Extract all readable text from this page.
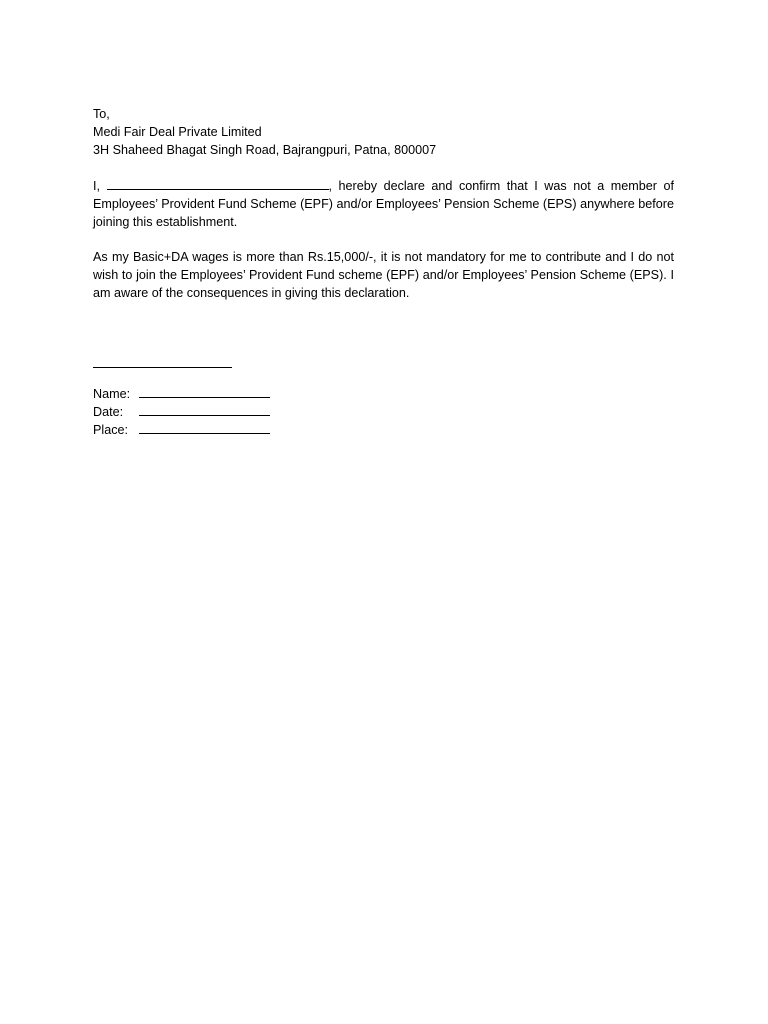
To,
Medi Fair Deal Private Limited
3H Shaheed Bhagat Singh Road, Bajrangpuri, Patna, 800007

I,	, hereby declare and confirm that I was not a member of Employees’ Provident Fund Scheme (EPF) and/or Employees’ Pension Scheme (EPS) anywhere before joining this establishment.

As my Basic+DA wages is more than Rs.15,000/-, it is not mandatory for me to contribute and I do not wish to join the Employees’ Provident Fund scheme (EPF) and/or Employees’ Pension Scheme (EPS). I am aware of the consequences in giving this declaration.

Name:
Date:
Place:
